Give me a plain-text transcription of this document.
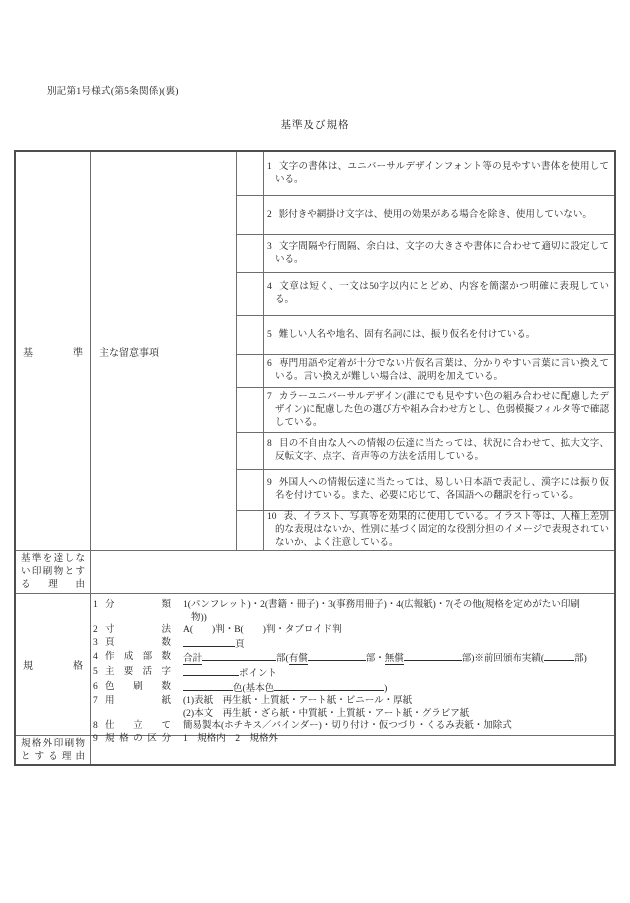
別記第1号様式(第5条関係)(裏)
基準及び規格
基準	主な留意事項

1 文字の書体は、ユニバーサルデザインフォント等の見やすい書体を使用している。

2 影付きや網掛け文字は、使用の効果がある場合を除き、使用していない。

3 文字間隔や行間隔、余白は、文字の大きさや書体に合わせて適切に設定している。

4 文章は短く、一文は50字以内にとどめ、内容を簡潔かつ明確に表現している。

5 難しい人名や地名、固有名詞には、振り仮名を付けている。

6 専門用語や定着が十分でない片仮名言葉は、分かりやすい言葉に言い換えている。言い換えが難しい場合は、説明を加えている。

7 カラーユニバーサルデザイン(誰にでも見やすい色の組み合わせに配慮したデザイン)に配慮した色の選び方や組み合わせ方とし、色弱模擬フィルタ等で確認している。

8 目の不自由な人への情報の伝達に当たっては、状況に合わせて、拡大文字、反転文字、点字、音声等の方法を活用している。

9 外国人への情報伝達に当たっては、易しい日本語で表記し、漢字には振り仮名を付けている。また、必要に応じて、各国語への翻訳を行っている。

10 表、イラスト、写真等を効果的に使用している。イラスト等は、人権上差別的な表現はないか、性別に基づく固定的な役割分担のイメージで表現されていないか、よく注意している。

基準を達しな
い印刷物とす
る理由
規格
1 分類 1(パンフレット)・2(書籍・冊子)・3(事務用冊子)・4(広報紙)・7(その他(規格を定めがたい印刷
物))
2 寸法 A(　　)判・B(　　)判・タブロイド判
3 頁数	頁
4 作成部数 合計	部(有償	部・無償	部)※前回頒布実績(	部)
5 主要活字	ポイント
6 色刷数	色(基本色	)
7 用紙 (1)表紙　再生紙・上質紙・アート紙・ビニール・厚紙
(2)本文　再生紙・ざら紙・中質紙・上質紙・アート紙・グラビア紙
8 仕立て 簡易製本(ホチキス／バインダー)・切り付け・仮つづり・くるみ表紙・加除式
9 規格の区分 1　規格内　2　規格外
規格外印刷物
とする理由
